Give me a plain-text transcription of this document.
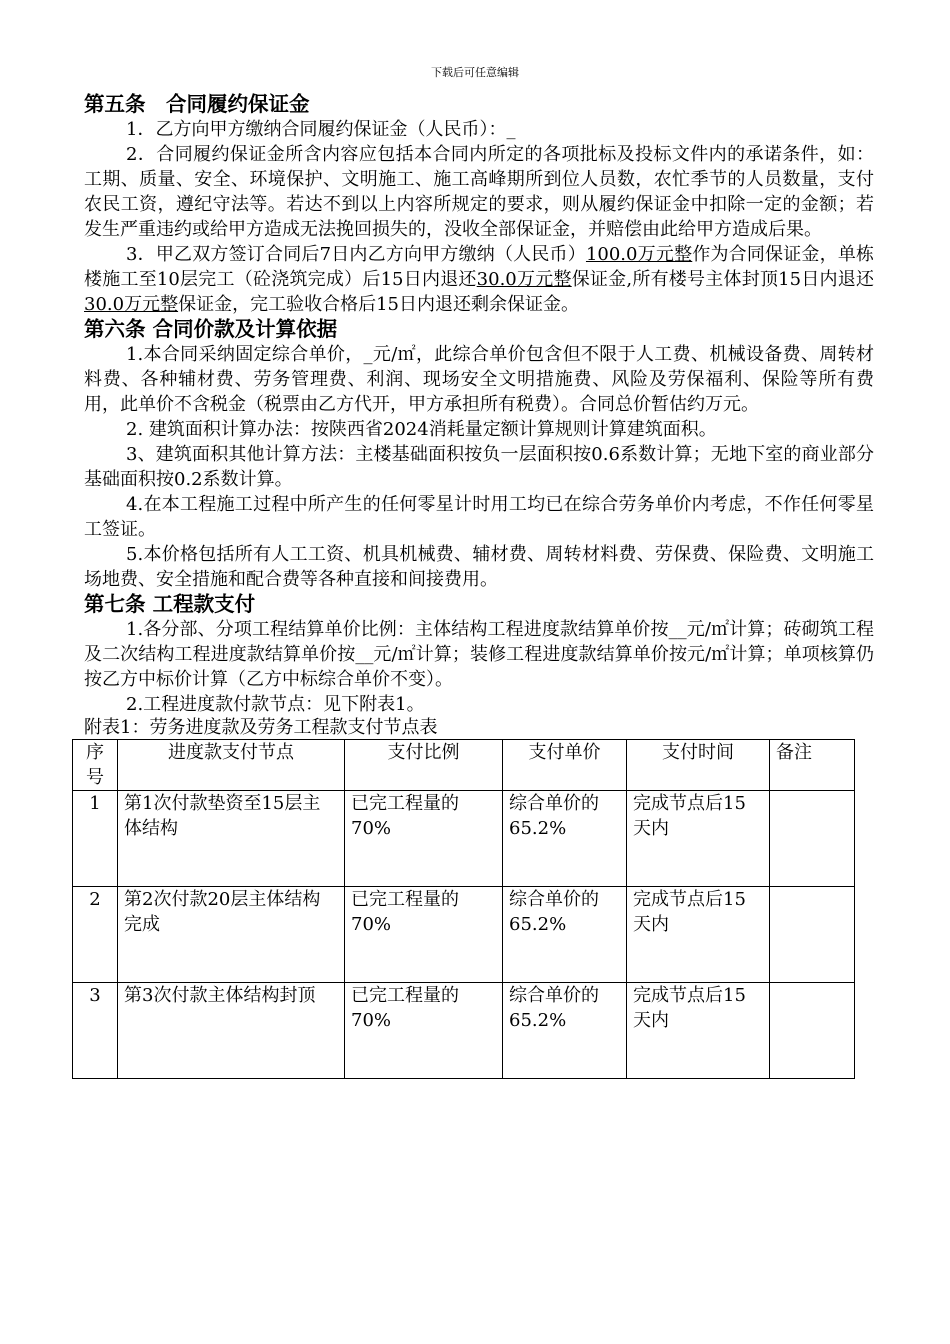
下载后可任意编辑
第五条　合同履约保证金

1．乙方向甲方缴纳合同履约保证金（人民币）：_

2．合同履约保证金所含内容应包括本合同内所定的各项批标及投标文件内的承诺条件，如：工期、质量、安全、环境保护、文明施工、施工高峰期所到位人员数，农忙季节的人员数量，支付农民工资，遵纪守法等。若达不到以上内容所规定的要求，则从履约保证金中扣除一定的金额；若发生严重违约或给甲方造成无法挽回损失的，没收全部保证金，并赔偿由此给甲方造成后果。

3．甲乙双方签订合同后7日内乙方向甲方缴纳（人民币）100.0万元整作为合同保证金，单栋楼施工至10层完工（砼浇筑完成）后15日内退还30.0万元整保证金,所有楼号主体封顶15日内退还30.0万元整保证金，完工验收合格后15日内退还剩余保证金。

第六条 合同价款及计算依据

1.本合同采纳固定综合单价，_元/㎡，此综合单价包含但不限于人工费、机械设备费、周转材料费、各种辅材费、劳务管理费、利润、现场安全文明措施费、风险及劳保福利、保险等所有费用，此单价不含税金（税票由乙方代开，甲方承担所有税费）。合同总价暂估约万元。

2. 建筑面积计算办法：按陕西省2024消耗量定额计算规则计算建筑面积。

3、建筑面积其他计算方法：主楼基础面积按负一层面积按0.6系数计算；无地下室的商业部分基础面积按0.2系数计算。

4.在本工程施工过程中所产生的任何零星计时用工均已在综合劳务单价内考虑，不作任何零星工签证。

5.本价格包括所有人工工资、机具机械费、辅材费、周转材料费、劳保费、保险费、文明施工场地费、安全措施和配合费等各种直接和间接费用。

第七条 工程款支付

1.各分部、分项工程结算单价比例：主体结构工程进度款结算单价按__元/㎡计算；砖砌筑工程及二次结构工程进度款结算单价按__元/㎡计算；装修工程进度款结算单价按元/㎡计算；单项核算仍按乙方中标价计算（乙方中标综合单价不变）。

2.工程进度款付款节点：见下附表1。

附表1：劳务进度款及劳务工程款支付节点表

序号	进度款支付节点	支付比例	支付单价	支付时间	备注
1	第1次付款垫资至15层主体结构	已完工程量的70%	综合单价的65.2%	完成节点后15天内	
2	第2次付款20层主体结构完成	已完工程量的70%	综合单价的65.2%	完成节点后15天内	
3	第3次付款主体结构封顶	已完工程量的70%	综合单价的65.2%	完成节点后15天内	
